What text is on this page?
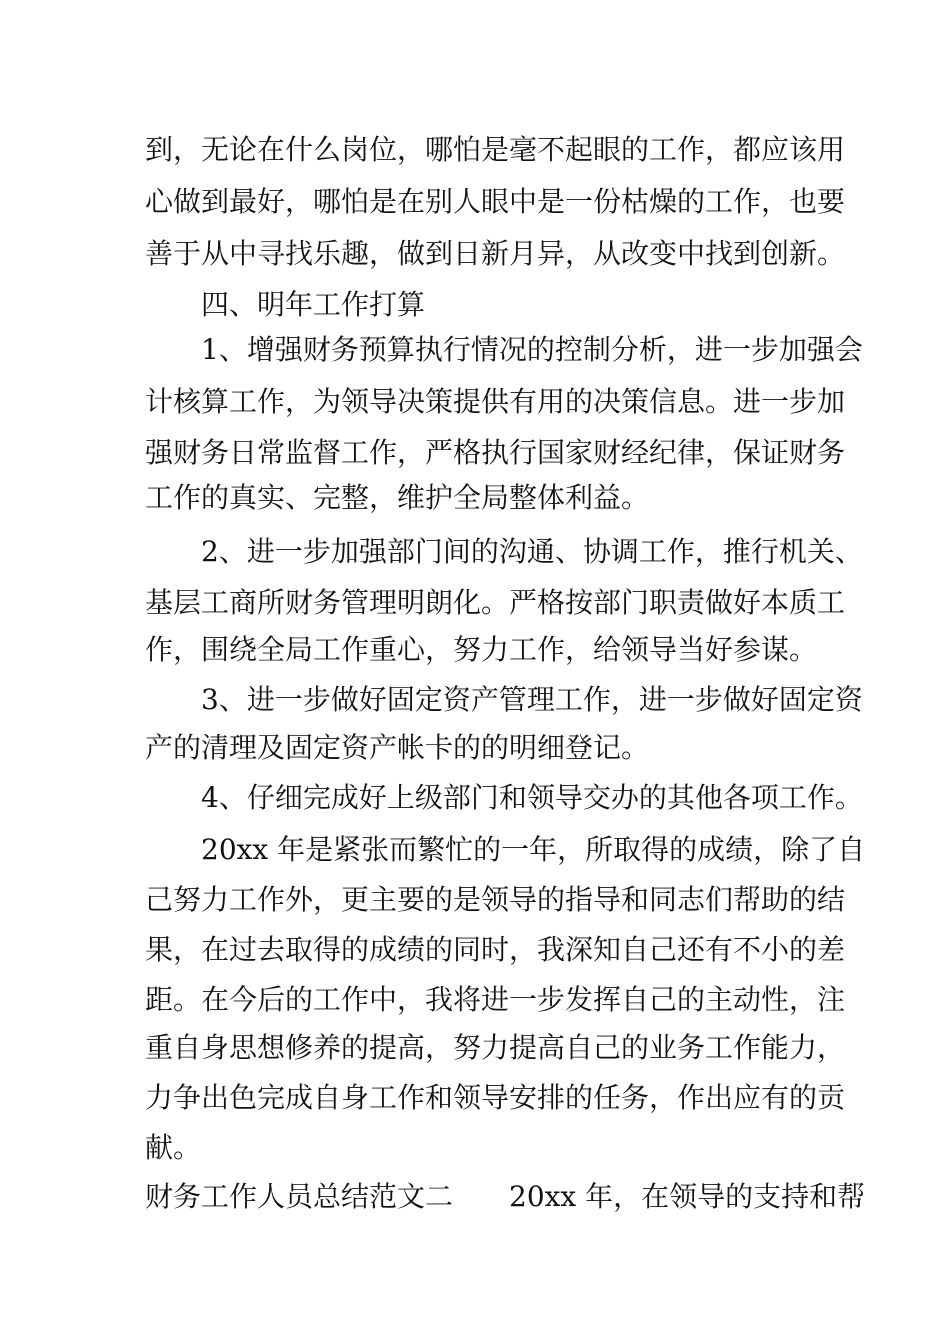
到，无论在什么岗位，哪怕是毫不起眼的工作，都应该用
心做到最好，哪怕是在别人眼中是一份枯燥的工作，也要
善于从中寻找乐趣，做到日新月异，从改变中找到创新。
　　四、明年工作打算
　　1、增强财务预算执行情况的控制分析，进一步加强会
计核算工作，为领导决策提供有用的决策信息。进一步加
强财务日常监督工作，严格执行国家财经纪律，保证财务
工作的真实、完整，维护全局整体利益。
　　2、进一步加强部门间的沟通、协调工作，推行机关、
基层工商所财务管理明朗化。严格按部门职责做好本质工
作，围绕全局工作重心，努力工作，给领导当好参谋。
　　3、进一步做好固定资产管理工作，进一步做好固定资
产的清理及固定资产帐卡的的明细登记。
　　4、仔细完成好上级部门和领导交办的其他各项工作。
　　20xx 年是紧张而繁忙的一年，所取得的成绩，除了自
己努力工作外，更主要的是领导的指导和同志们帮助的结
果，在过去取得的成绩的同时，我深知自己还有不小的差
距。在今后的工作中，我将进一步发挥自己的主动性，注
重自身思想修养的提高，努力提高自己的业务工作能力，
力争出色完成自身工作和领导安排的任务，作出应有的贡
献。
财务工作人员总结范文二　　20xx 年，在领导的支持和帮
